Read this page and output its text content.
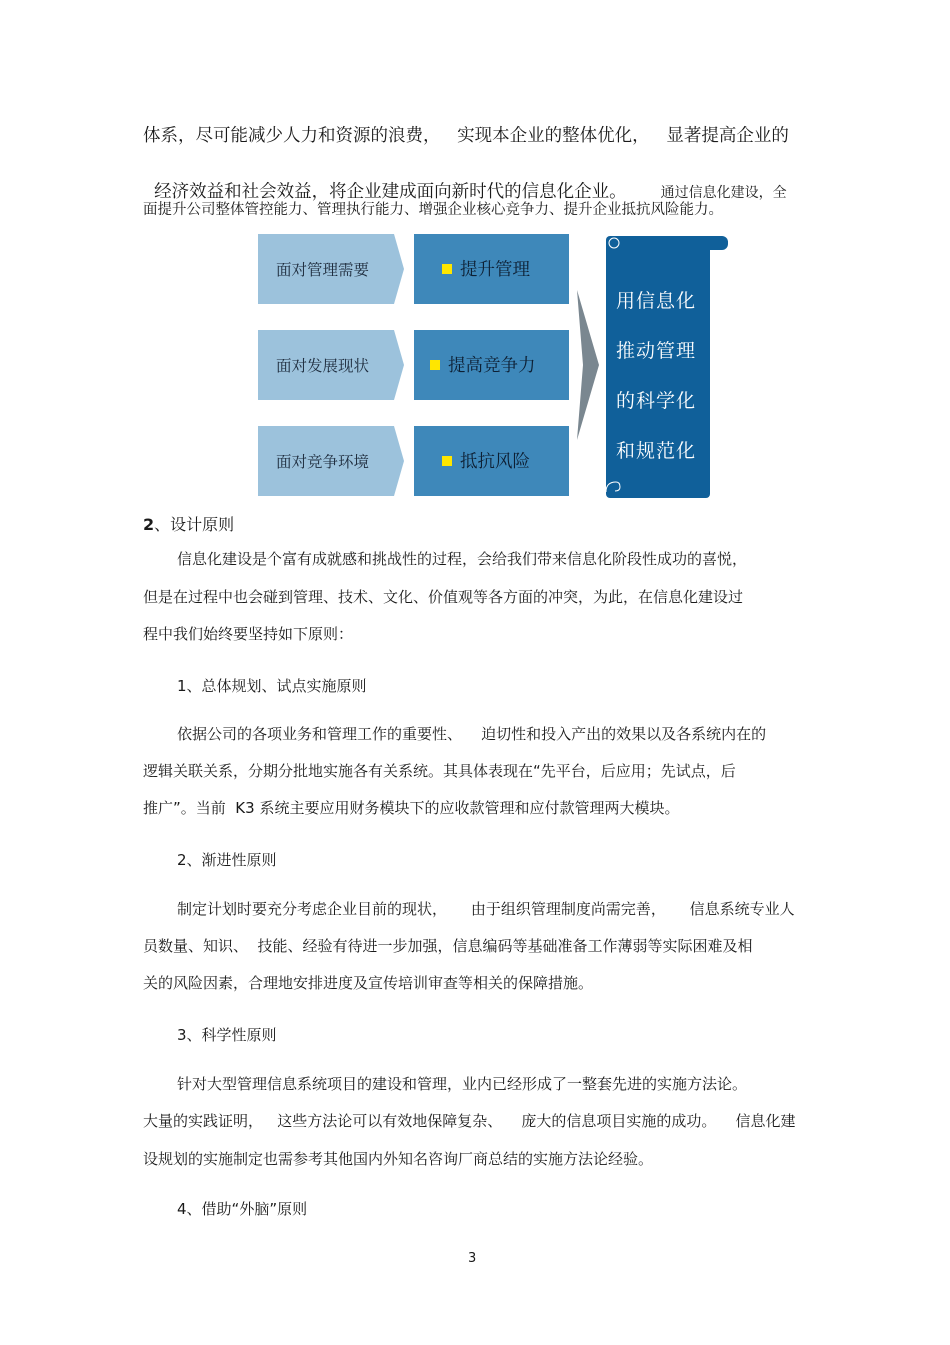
体系，尽可能减少人力和资源的浪费，   实现本企业的整体优化，   显著提高企业的

经济效益和社会效益，将企业建成面向新时代的信息化企业。 通过信息化建设，全

面提升公司整体管控能力、管理执行能力、增强企业核心竞争力、提升企业抵抗风险能力。
面对管理需要	提升管理
面对发展现状	提高竞争力
面对竞争环境	抵抗风险
用信息化
推动管理
的科学化
和规范化
2、设计原则
信息化建设是个富有成就感和挑战性的过程，会给我们带来信息化阶段性成功的喜悦，
但是在过程中也会碰到管理、技术、文化、价值观等各方面的冲突，为此，在信息化建设过
程中我们始终要坚持如下原则：
1、总体规划、试点实施原则
依据公司的各项业务和管理工作的重要性、    迫切性和投入产出的效果以及各系统内在的
逻辑关联关系，分期分批地实施各有关系统。其具体表现在“先平台，后应用；先试点，后
推广”。当前  K3 系统主要应用财务模块下的应收款管理和应付款管理两大模块。
2、渐进性原则
制定计划时要充分考虑企业目前的现状，     由于组织管理制度尚需完善，     信息系统专业人
员数量、知识、  技能、经验有待进一步加强，信息编码等基础准备工作薄弱等实际困难及相
关的风险因素，合理地安排进度及宣传培训审查等相关的保障措施。
3、科学性原则
针对大型管理信息系统项目的建设和管理，业内已经形成了一整套先进的实施方法论。
大量的实践证明，   这些方法论可以有效地保障复杂、    庞大的信息项目实施的成功。    信息化建
设规划的实施制定也需参考其他国内外知名咨询厂商总结的实施方法论经验。
4、借助“外脑”原则
3
